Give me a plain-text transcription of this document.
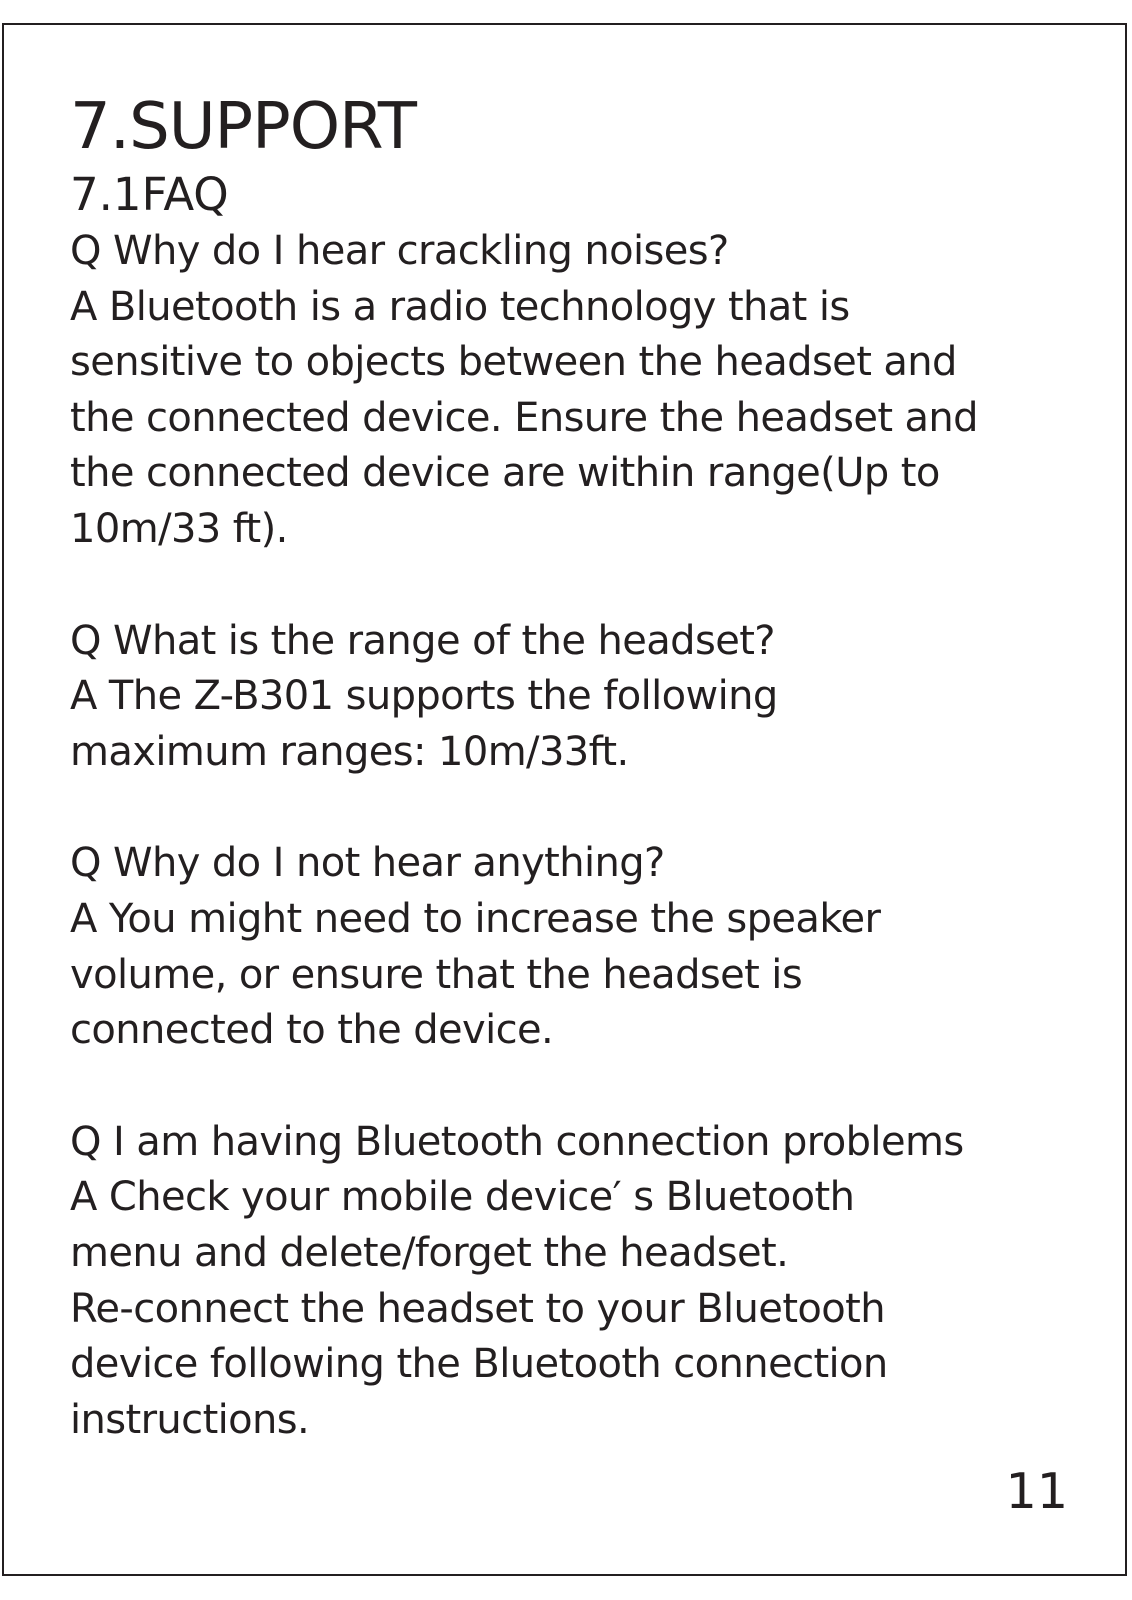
7.SUPPORT
7.1FAQ
Q Why do I hear crackling noises?
A Bluetooth is a radio technology that is
sensitive to objects between the headset and
the connected device. Ensure the headset and
the connected device are within range(Up to
10m/33 ft).
Q What is the range of the headset?
A The Z-B301 supports the following
maximum ranges: 10m/33ft.
Q Why do I not hear anything?
A You might need to increase the speaker
volume, or ensure that the headset is
connected to the device.
Q I am having Bluetooth connection problems
A Check your mobile device′ s Bluetooth
menu and delete/forget the headset.
Re-connect the headset to your Bluetooth
device following the Bluetooth connection
instructions.
11
